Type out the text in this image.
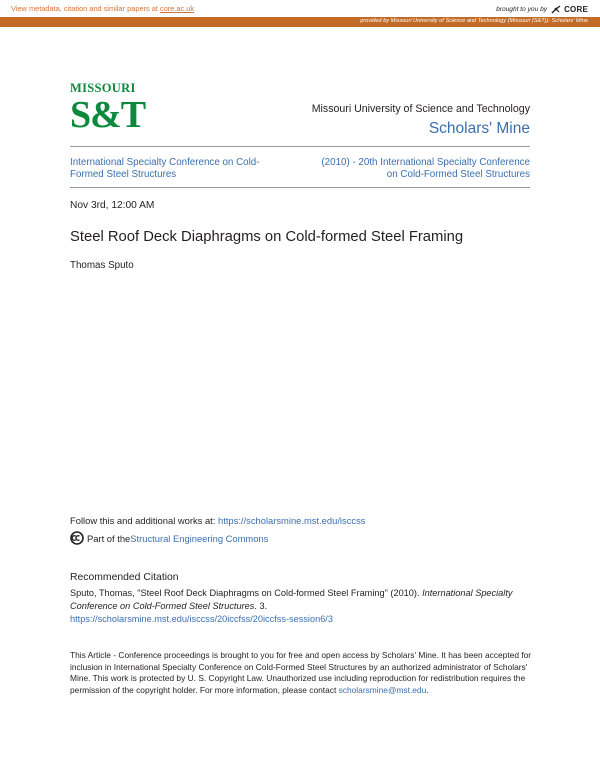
View metadata, citation and similar papers at core.ac.uk	brought to you by CORE
provided by Missouri University of Science and Technology (Missouri (S&T)): Scholars' Mine
MISSOURI
S&T	Missouri University of Science and Technology
Scholars' Mine
International Specialty Conference on Cold-
Formed Steel Structures
(2010) - 20th International Specialty Conference
on Cold-Formed Steel Structures
Nov 3rd, 12:00 AM
Steel Roof Deck Diaphragms on Cold-formed Steel Framing
Thomas Sputo
Follow this and additional works at: https://scholarsmine.mst.edu/isccss
Part of the Structural Engineering Commons
Recommended Citation
Sputo, Thomas, "Steel Roof Deck Diaphragms on Cold-formed Steel Framing" (2010). International Specialty Conference on Cold-Formed Steel Structures. 3.
https://scholarsmine.mst.edu/isccss/20iccfss/20iccfss-session6/3
This Article - Conference proceedings is brought to you for free and open access by Scholars' Mine. It has been accepted for inclusion in International Specialty Conference on Cold-Formed Steel Structures by an authorized administrator of Scholars' Mine. This work is protected by U. S. Copyright Law. Unauthorized use including reproduction for redistribution requires the permission of the copyright holder. For more information, please contact scholarsmine@mst.edu.
